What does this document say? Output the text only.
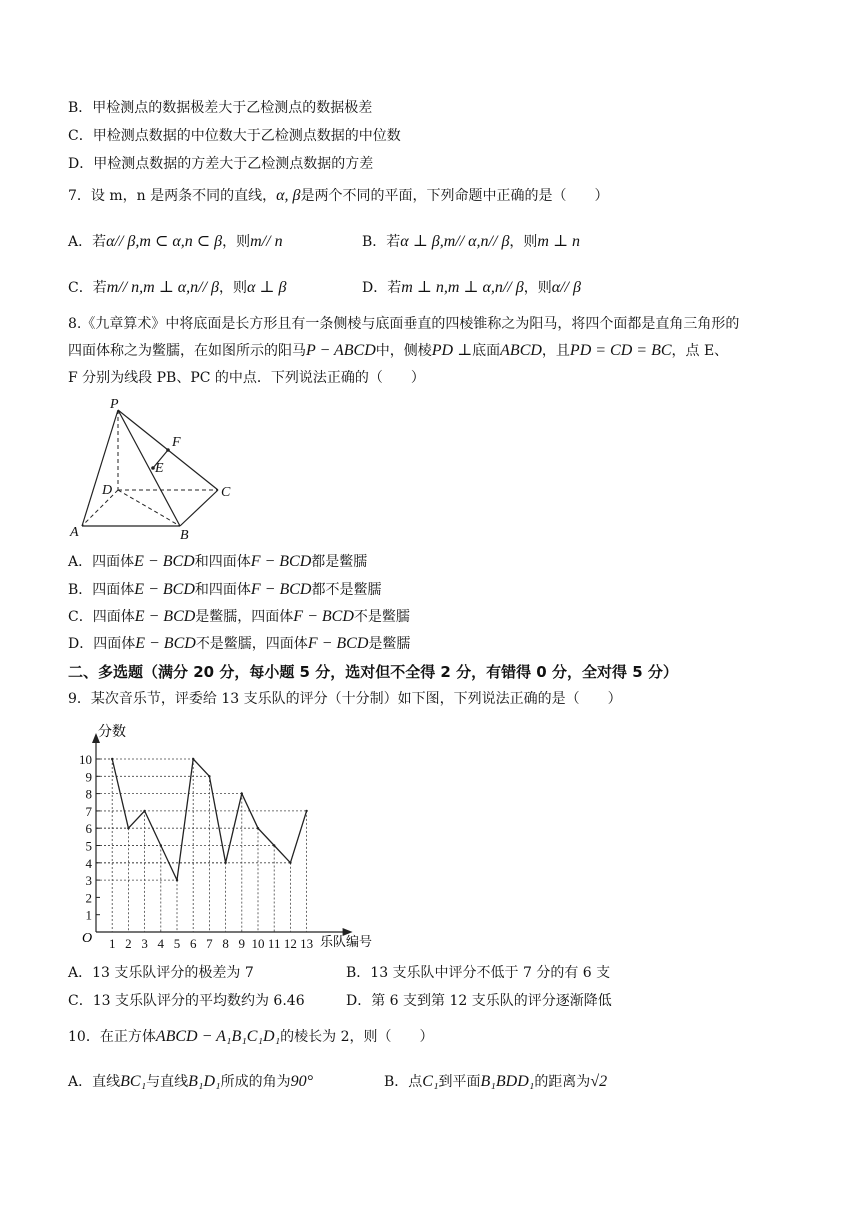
B．甲检测点的数据极差大于乙检测点的数据极差
C．甲检测点数据的中位数大于乙检测点数据的中位数
D．甲检测点数据的方差大于乙检测点数据的方差
7．设 m，n 是两条不同的直线，α, β是两个不同的平面，下列命题中正确的是（　　）
A．若α// β,m ⊂ α,n ⊂ β，则m// n	B．若α ⊥ β,m// α,n// β，则m ⊥ n
C．若m// n,m ⊥ α,n// β，则α ⊥ β	D．若m ⊥ n,m ⊥ α,n// β，则α// β
8.《九章算术》中将底面是长方形且有一条侧棱与底面垂直的四棱锥称之为阳马，将四个面都是直角三角形的
四面体称之为鳖臑，在如图所示的阳马P − ABCD中，侧棱PD ⊥底面ABCD，且PD = CD = BC，点 E、
F 分别为线段 PB、PC 的中点．下列说法正确的（　　）
P
F
E
D	C
A	B
A．四面体E − BCD和四面体F − BCD都是鳖臑
B．四面体E − BCD和四面体F − BCD都不是鳖臑
C．四面体E − BCD是鳖臑，四面体F − BCD不是鳖臑
D．四面体E − BCD不是鳖臑，四面体F − BCD是鳖臑
二、多选题（满分 20 分，每小题 5 分，选对但不全得 2 分，有错得 0 分，全对得 5 分）
9．某次音乐节，评委给 13 支乐队的评分（十分制）如下图，下列说法正确的是（　　）
1
2
3
4
5
6
7
8
9
10
1 2 3 4 5 6 7 8 9 10 11 12 13
分数
乐队编号
O
A．13 支乐队评分的极差为 7	B．13 支乐队中评分不低于 7 分的有 6 支
C．13 支乐队评分的平均数约为 6.46	D．第 6 支到第 12 支乐队的评分逐渐降低
10．在正方体ABCD − A₁B₁C₁D₁的棱长为 2，则（　　）
A．直线BC₁与直线B₁D₁所成的角为90°	B．点C₁到平面B₁BDD₁的距离为√2
